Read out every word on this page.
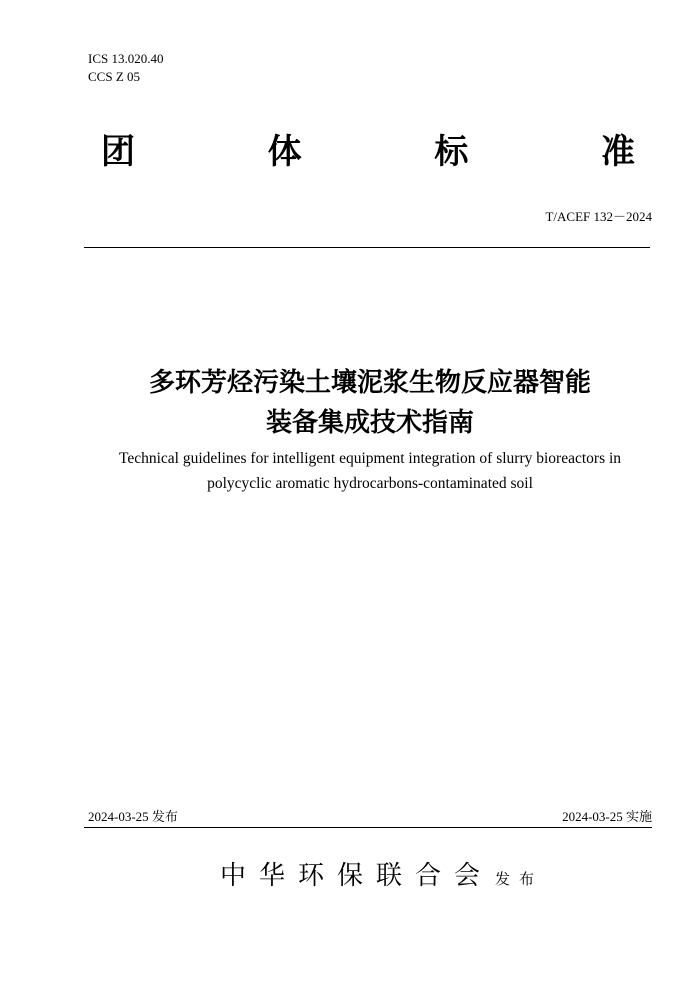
ICS 13.020.40
CCS Z 05
团	体	标	准
T/ACEF 132－2024
多环芳烃污染土壤泥浆生物反应器智能
装备集成技术指南
Technical guidelines for intelligent equipment integration of slurry bioreactors in
polycyclic aromatic hydrocarbons-contaminated soil
2024-03-25 发布	2024-03-25 实施
中华环保联合会 发布
